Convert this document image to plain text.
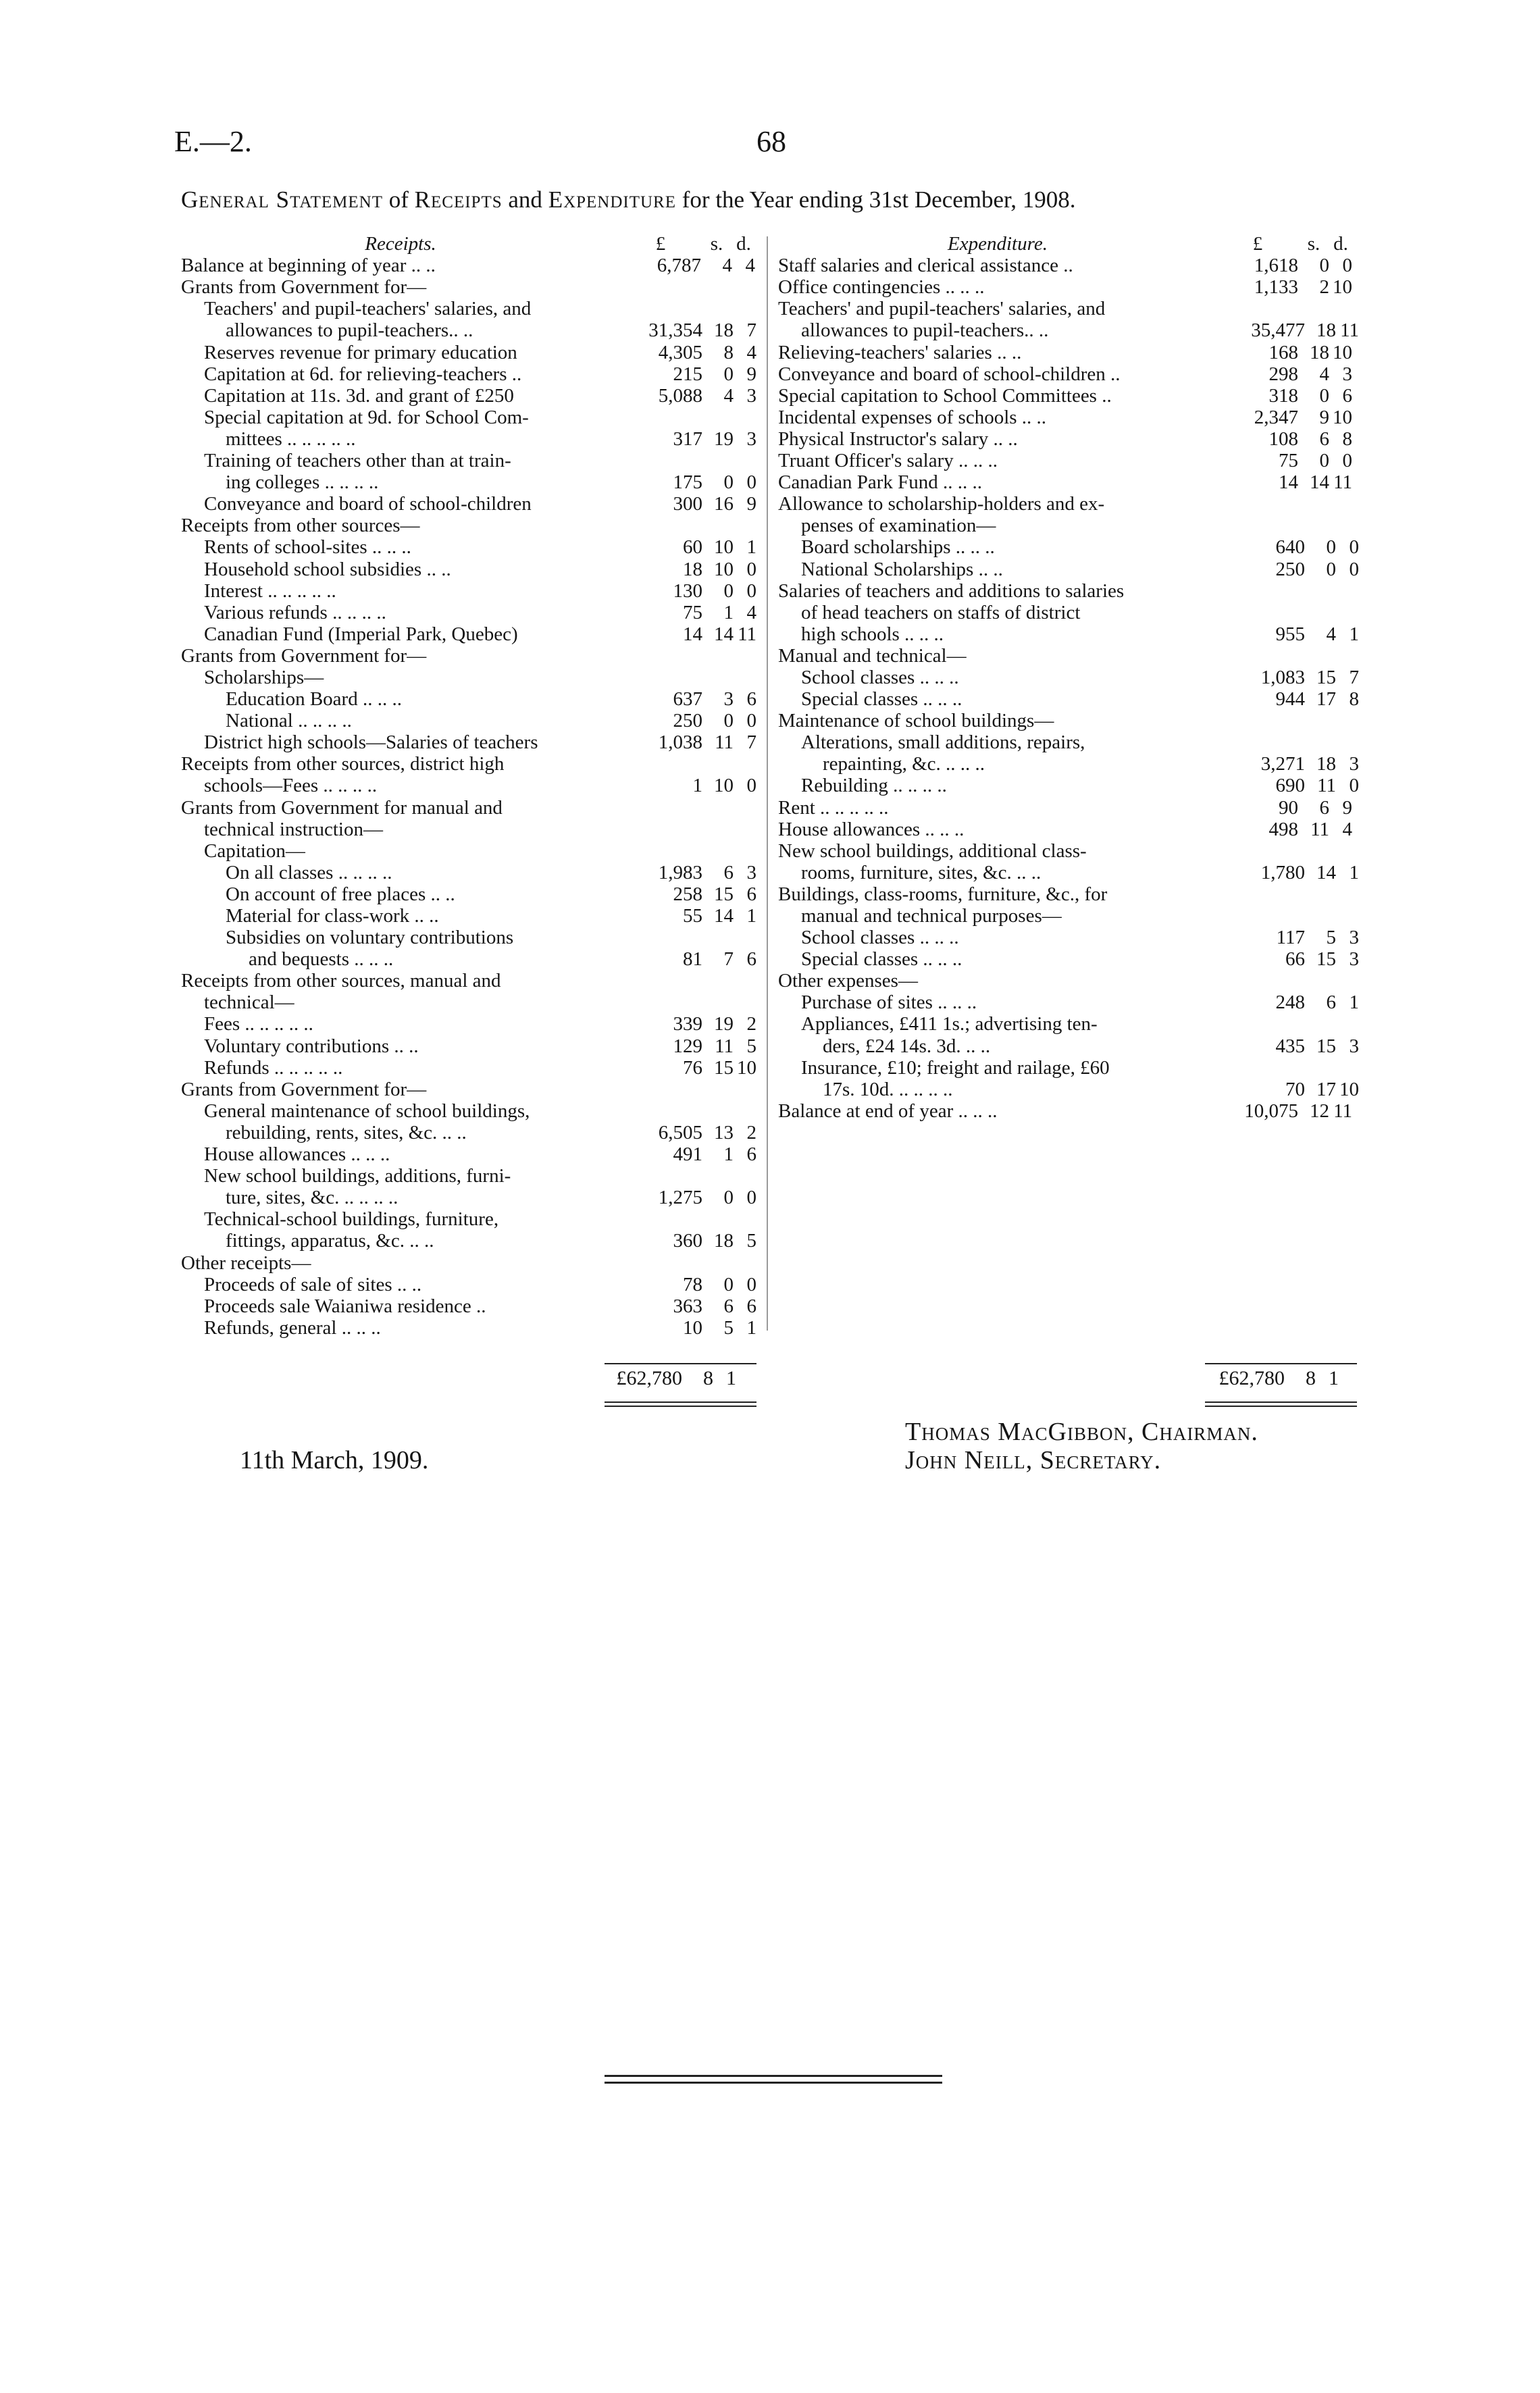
E.—2.	68
General Statement of Receipts and Expenditure for the Year ending 31st December, 1908.
Receipts.	£	s. d.
Balance at beginning of year .. ..	6,787	4 4
Grants from Government for—
Teachers' and pupil-teachers' salaries, and
allowances to pupil-teachers.. ..	31,354 18 7
Reserves revenue for primary education	4,305	8 4
Capitation at 6d. for relieving-teachers ..	215	0 9
Capitation at 11s. 3d. and grant of £250	5,088	4 3
Special capitation at 9d. for School Com-
mittees .. .. .. .. ..	317 19 3
Training of teachers other than at train-
ing colleges .. .. .. ..	175	0 0
Conveyance and board of school-children	300 16 9
Receipts from other sources—
Rents of school-sites .. .. ..	60 10 1
Household school subsidies .. ..	18 10 0
Interest .. .. .. .. ..	130	0 0
Various refunds .. .. .. ..	75	1 4
Canadian Fund (Imperial Park, Quebec)	14 14 11
Grants from Government for—
Scholarships—
Education Board .. .. ..	637	3 6
National .. .. .. ..	250	0 0
District high schools—Salaries of teachers	1,038 11 7
Receipts from other sources, district high
schools—Fees .. .. .. ..	1 10 0
Grants from Government for manual and
technical instruction—
Capitation—
On all classes .. .. .. ..	1,983	6 3
On account of free places .. ..	258 15 6
Material for class-work .. ..	55 14 1
Subsidies on voluntary contributions
and bequests .. .. ..	81	7 6
Receipts from other sources, manual and
technical—
Fees .. .. .. .. ..	339 19 2
Voluntary contributions .. ..	129 11 5
Refunds .. .. .. .. ..	76 15 10
Grants from Government for—
General maintenance of school buildings,
rebuilding, rents, sites, &c. .. ..	6,505 13 2
House allowances .. .. ..	491	1 6
New school buildings, additions, furni-
ture, sites, &c. .. .. .. ..	1,275	0 0
Technical-school buildings, furniture,
fittings, apparatus, &c. .. ..	360 18 5
Other receipts—
Proceeds of sale of sites .. ..	78	0 0
Proceeds sale Waianiwa residence ..	363	6 6
Refunds, general .. .. ..	10	5 1
Expenditure.	£	s. d.
Staff salaries and clerical assistance ..	1,618	0 0
Office contingencies .. .. ..	1,133	2 10
Teachers' and pupil-teachers' salaries, and
allowances to pupil-teachers.. ..	35,477 18 11
Relieving-teachers' salaries .. ..	168 18 10
Conveyance and board of school-children ..	298	4 3
Special capitation to School Committees ..	318	0 6
Incidental expenses of schools .. ..	2,347	9 10
Physical Instructor's salary .. ..	108	6 8
Truant Officer's salary .. .. ..	75	0 0
Canadian Park Fund .. .. ..	14 14 11
Allowance to scholarship-holders and ex-
penses of examination—
Board scholarships .. .. ..	640	0 0
National Scholarships .. ..	250	0 0
Salaries of teachers and additions to salaries
of head teachers on staffs of district
high schools .. .. ..	955	4 1
Manual and technical—
School classes .. .. ..	1,083 15 7
Special classes .. .. ..	944 17 8
Maintenance of school buildings—
Alterations, small additions, repairs,
repainting, &c. .. .. ..	3,271 18 3
Rebuilding .. .. .. ..	690 11 0
Rent .. .. .. .. ..	90	6 9
House allowances .. .. ..	498 11 4
New school buildings, additional class-
rooms, furniture, sites, &c. .. ..	1,780 14 1
Buildings, class-rooms, furniture, &c., for
manual and technical purposes—
School classes .. .. ..	117	5 3
Special classes .. .. ..	66 15 3
Other expenses—
Purchase of sites .. .. ..	248	6 1
Appliances, £411 1s.; advertising ten-
ders, £24 14s. 3d. .. ..	435 15 3
Insurance, £10; freight and railage, £60
17s. 10d. .. .. .. ..	70 17 10
Balance at end of year .. .. ..	10,075 12 11
£62,780	8 1	£62,780	8 1
11th March, 1909.
Thomas MacGibbon, Chairman.
John Neill, Secretary.
